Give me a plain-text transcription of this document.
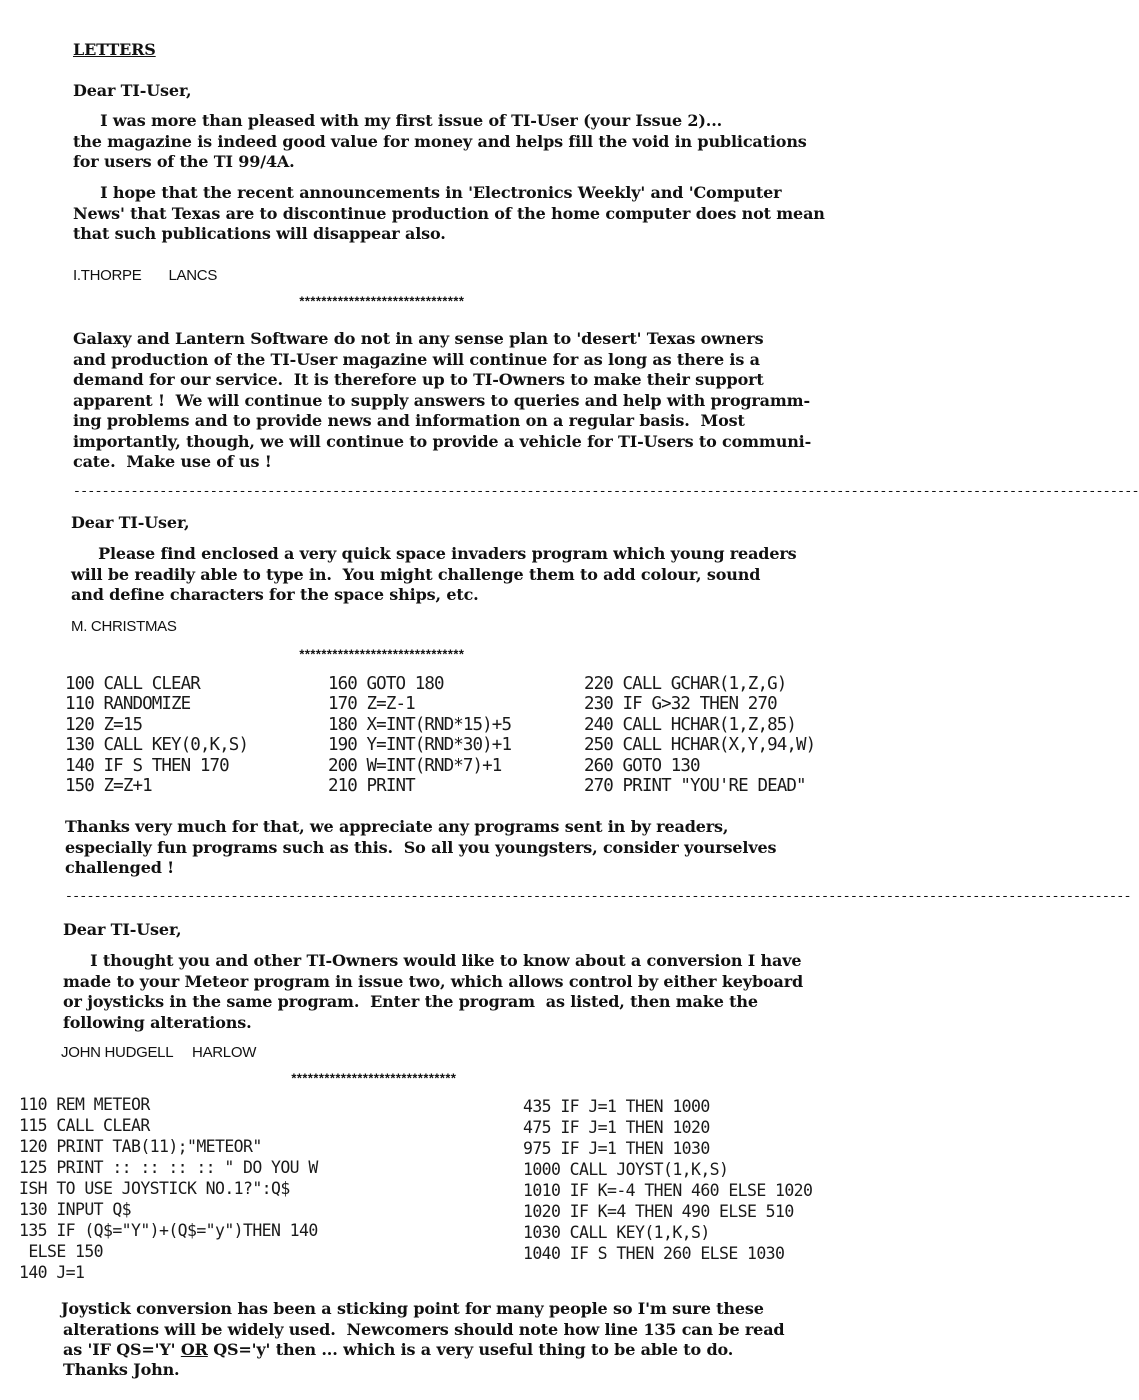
LETTERS
Dear TI-User,
I was more than pleased with my first issue of TI-User (your Issue 2)...
the magazine is indeed good value for money and helps fill the void in publications
for users of the TI 99/4A.
I hope that the recent announcements in 'Electronics Weekly' and 'Computer
News' that Texas are to discontinue production of the home computer does not mean
that such publications will disappear also.
I.THORPE       LANCS
******************************
Galaxy and Lantern Software do not in any sense plan to 'desert' Texas owners
and production of the TI-User magazine will continue for as long as there is a
demand for our service.  It is therefore up to TI-Owners to make their support
apparent !  We will continue to supply answers to queries and help with programm-
ing problems and to provide news and information on a regular basis.  Most
importantly, though, we will continue to provide a vehicle for TI-Users to communi-
cate.  Make use of us !
----------------------------------------------------------------------------------------------------------------------------------------------------
Dear TI-User,
Please find enclosed a very quick space invaders program which young readers
will be readily able to type in.  You might challenge them to add colour, sound
and define characters for the space ships, etc.
M. CHRISTMAS
******************************
100 CALL CLEAR
110 RANDOMIZE
120 Z=15
130 CALL KEY(0,K,S)
140 IF S THEN 170
150 Z=Z+1
160 GOTO 180
170 Z=Z-1
180 X=INT(RND*15)+5
190 Y=INT(RND*30)+1
200 W=INT(RND*7)+1
210 PRINT
220 CALL GCHAR(1,Z,G)
230 IF G>32 THEN 270
240 CALL HCHAR(1,Z,85)
250 CALL HCHAR(X,Y,94,W)
260 GOTO 130
270 PRINT "YOU'RE DEAD"
Thanks very much for that, we appreciate any programs sent in by readers,
especially fun programs such as this.  So all you youngsters, consider yourselves
challenged !
----------------------------------------------------------------------------------------------------------------------------------------------------
Dear TI-User,
I thought you and other TI-Owners would like to know about a conversion I have
made to your Meteor program in issue two, which allows control by either keyboard
or joysticks in the same program.  Enter the program  as listed, then make the
following alterations.
JOHN HUDGELL     HARLOW
******************************
110 REM METEOR
115 CALL CLEAR
120 PRINT TAB(11);"METEOR"
125 PRINT :: :: :: :: " DO YOU W
ISH TO USE JOYSTICK NO.1?":Q$
130 INPUT Q$
135 IF (Q$="Y")+(Q$="y")THEN 140
ELSE 150
140 J=1
435 IF J=1 THEN 1000
475 IF J=1 THEN 1020
975 IF J=1 THEN 1030
1000 CALL JOYST(1,K,S)
1010 IF K=-4 THEN 460 ELSE 1020
1020 IF K=4 THEN 490 ELSE 510
1030 CALL KEY(1,K,S)
1040 IF S THEN 260 ELSE 1030
Joystick conversion has been a sticking point for many people so I'm sure these
alterations will be widely used.  Newcomers should note how line 135 can be read
as 'IF QS='Y' OR QS='y' then ... which is a very useful thing to be able to do.
Thanks John.
